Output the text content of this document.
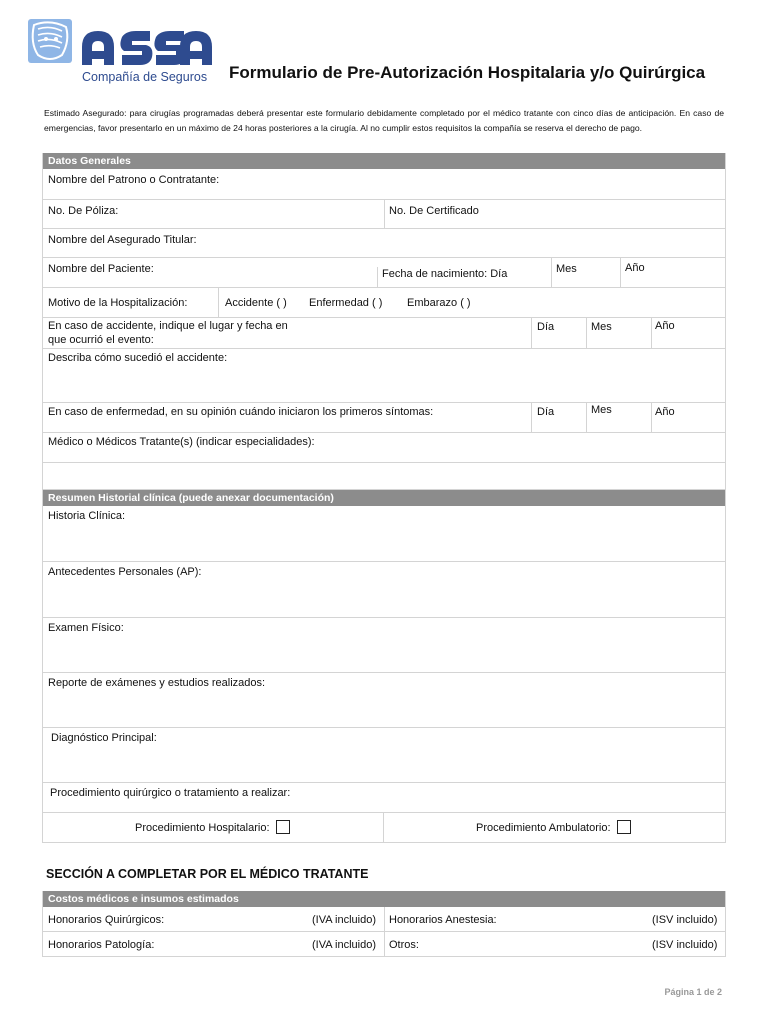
Compañía de Seguros Formulario de Pre-Autorización Hospitalaria y/o Quirúrgica
Estimado Asegurado: para cirugías programadas deberá presentar este formulario debidamente completado por el médico tratante con cinco días de anticipación. En caso de emergencias, favor presentarlo en un máximo de 24 horas posteriores a la cirugía. Al no cumplir estos requisitos la compañía se reserva el derecho de pago.
Datos Generales
Nombre del Patrono o Contratante:
No. De Póliza:	No. De Certificado
Nombre del Asegurado Titular:
Nombre del Paciente:	Fecha de nacimiento: Día	Mes	Año
Motivo de la Hospitalización:	Accidente ( ) Enfermedad ( ) Embarazo ( )
En caso de accidente, indique el lugar y fecha en
que ocurrió el evento:
Día	Mes	Año
Describa cómo sucedió el accidente:
En caso de enfermedad, en su opinión cuándo iniciaron los primeros síntomas:	Día	Mes	Año
Médico o Médicos Tratante(s) (indicar especialidades):
Resumen Historial clínica (puede anexar documentación)
Historia Clínica:
Antecedentes Personales (AP):
Examen Físico:
Reporte de exámenes y estudios realizados:
Diagnóstico Principal:
Procedimiento quirúrgico o tratamiento a realizar:
Procedimiento Hospitalario:	Procedimiento Ambulatorio:
SECCIÓN A COMPLETAR POR EL MÉDICO TRATANTE
Costos médicos e insumos estimados
Honorarios Quirúrgicos:	(IVA incluido) Honorarios Anestesia:	(ISV incluido)
Honorarios Patología:	(IVA incluido) Otros:	(ISV incluido)
Página 1 de 2
